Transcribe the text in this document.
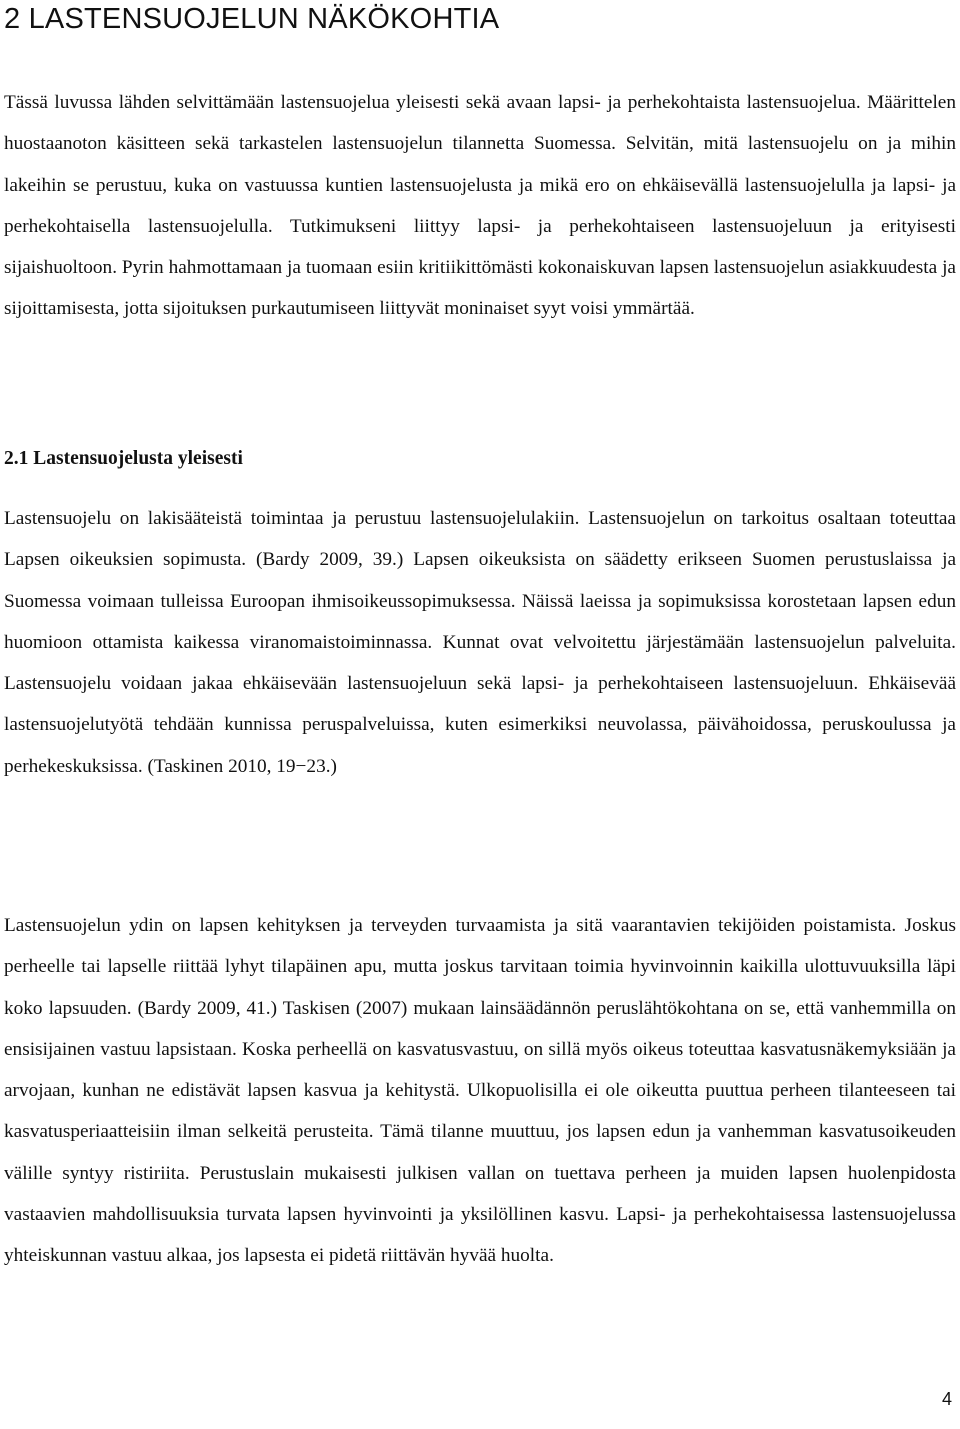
2 LASTENSUOJELUN NÄKÖKOHTIA

Tässä luvussa lähden selvittämään lastensuojelua yleisesti sekä avaan lapsi- ja perhekohtaista lastensuojelua. Määrittelen huostaanoton käsitteen sekä tarkastelen lastensuojelun tilannetta Suomessa. Selvitän, mitä lastensuojelu on ja mihin lakeihin se perustuu, kuka on vastuussa kuntien lastensuojelusta ja mikä ero on ehkäisevällä lastensuojelulla ja lapsi- ja perhekohtaisella lastensuojelulla. Tutkimukseni liittyy lapsi- ja perhekohtaiseen lastensuojeluun ja erityisesti sijaishuoltoon. Pyrin hahmottamaan ja tuomaan esiin kritiikittömästi kokonaiskuvan lapsen lastensuojelun asiakkuudesta ja sijoittamisesta, jotta sijoituksen purkautumiseen liittyvät moninaiset syyt voisi ymmärtää.

2.1 Lastensuojelusta yleisesti

Lastensuojelu on lakisääteistä toimintaa ja perustuu lastensuojelulakiin. Lastensuojelun on tarkoitus osaltaan toteuttaa Lapsen oikeuksien sopimusta. (Bardy 2009, 39.) Lapsen oikeuksista on säädetty erikseen Suomen perustuslaissa ja Suomessa voimaan tulleissa Euroopan ihmisoikeussopimuksessa. Näissä laeissa ja sopimuksissa korostetaan lapsen edun huomioon ottamista kaikessa viranomaistoiminnassa. Kunnat ovat velvoitettu järjestämään lastensuojelun palveluita. Lastensuojelu voidaan jakaa ehkäisevään lastensuojeluun sekä lapsi- ja perhekohtaiseen lastensuojeluun. Ehkäisevää lastensuojelutyötä tehdään kunnissa peruspalveluissa, kuten esimerkiksi neuvolassa, päivähoidossa, peruskoulussa ja perhekeskuksissa. (Taskinen 2010, 19−23.)

Lastensuojelun ydin on lapsen kehityksen ja terveyden turvaamista ja sitä vaarantavien tekijöiden poistamista. Joskus perheelle tai lapselle riittää lyhyt tilapäinen apu, mutta joskus tarvitaan toimia hyvinvoinnin kaikilla ulottuvuuksilla läpi koko lapsuuden. (Bardy 2009, 41.) Taskisen (2007) mukaan lainsäädännön peruslähtökohtana on se, että vanhemmilla on ensisijainen vastuu lapsistaan. Koska perheellä on kasvatusvastuu, on sillä myös oikeus toteuttaa kasvatusnäkemyksiään ja arvojaan, kunhan ne edistävät lapsen kasvua ja kehitystä. Ulkopuolisilla ei ole oikeutta puuttua perheen tilanteeseen tai kasvatusperiaatteisiin ilman selkeitä perusteita. Tämä tilanne muuttuu, jos lapsen edun ja vanhemman kasvatusoikeuden välille syntyy ristiriita. Perustuslain mukaisesti julkisen vallan on tuettava perheen ja muiden lapsen huolenpidosta vastaavien mahdollisuuksia turvata lapsen hyvinvointi ja yksilöllinen kasvu. Lapsi- ja perhekohtaisessa lastensuojelussa yhteiskunnan vastuu alkaa, jos lapsesta ei pidetä riittävän hyvää huolta.

4
